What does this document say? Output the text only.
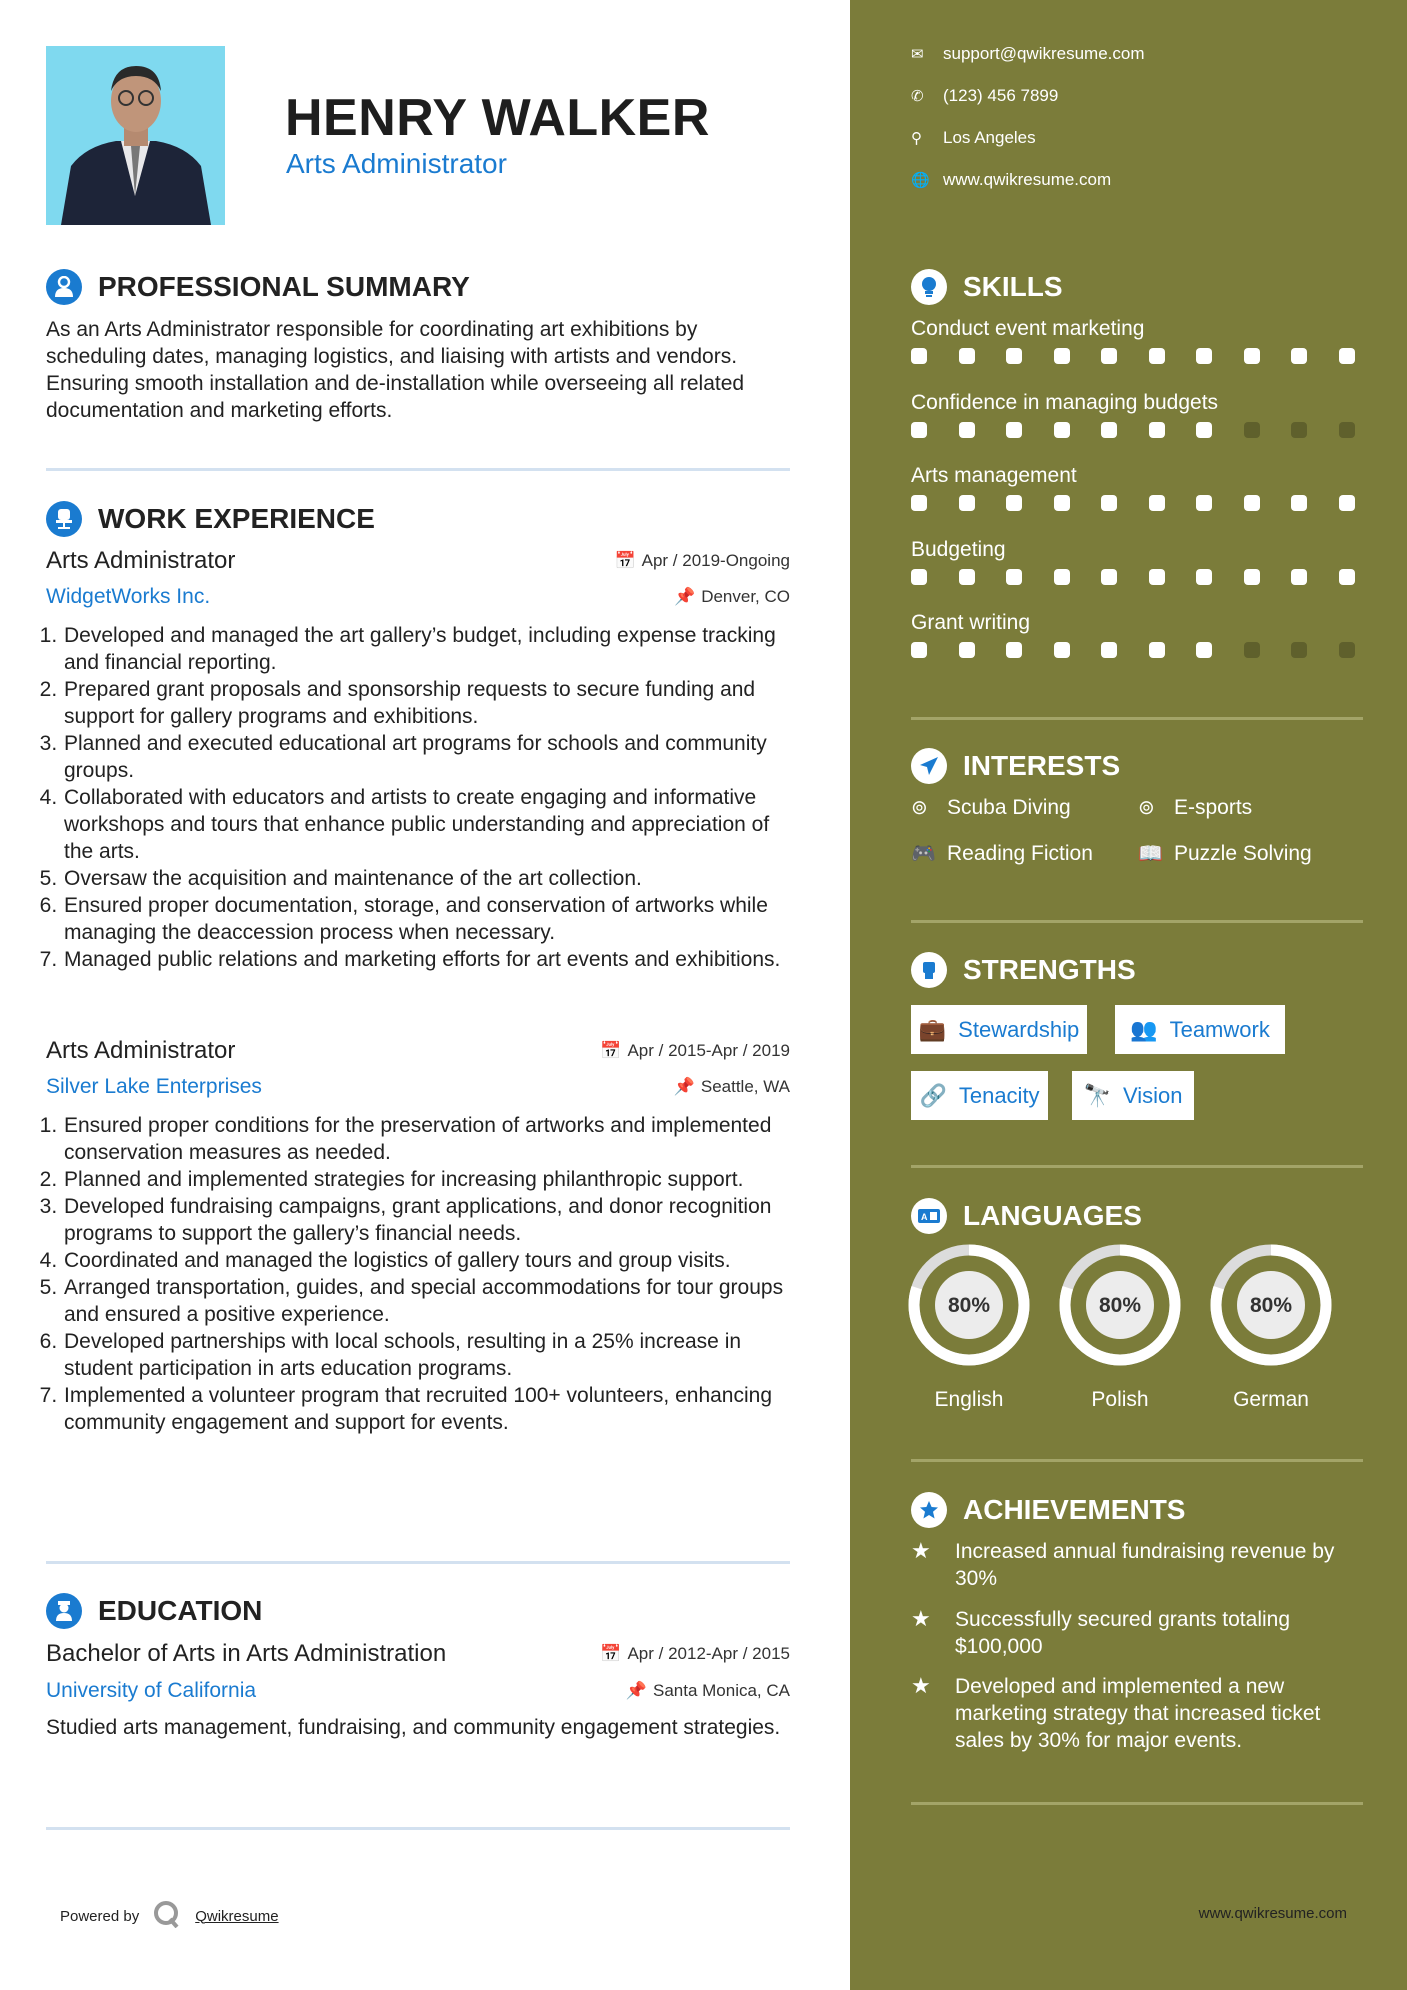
HENRY WALKER
Arts Administrator
PROFESSIONAL SUMMARY
As an Arts Administrator responsible for coordinating art exhibitions by scheduling dates, managing logistics, and liaising with artists and vendors. Ensuring smooth installation and de-installation while overseeing all related documentation and marketing efforts.
WORK EXPERIENCE
Arts Administrator	📅 Apr / 2019-Ongoing
WidgetWorks Inc.	📌 Denver, CO
1. Developed and managed the art gallery’s budget, including expense tracking and financial reporting.
2. Prepared grant proposals and sponsorship requests to secure funding and support for gallery programs and exhibitions.
3. Planned and executed educational art programs for schools and community groups.
4. Collaborated with educators and artists to create engaging and informative workshops and tours that enhance public understanding and appreciation of the arts.
5. Oversaw the acquisition and maintenance of the art collection.
6. Ensured proper documentation, storage, and conservation of artworks while managing the deaccession process when necessary.
7. Managed public relations and marketing efforts for art events and exhibitions.
Arts Administrator	📅 Apr / 2015-Apr / 2019
Silver Lake Enterprises	📌 Seattle, WA
1. Ensured proper conditions for the preservation of artworks and implemented conservation measures as needed.
2. Planned and implemented strategies for increasing philanthropic support.
3. Developed fundraising campaigns, grant applications, and donor recognition programs to support the gallery’s financial needs.
4. Coordinated and managed the logistics of gallery tours and group visits.
5. Arranged transportation, guides, and special accommodations for tour groups and ensured a positive experience.
6. Developed partnerships with local schools, resulting in a 25% increase in student participation in arts education programs.
7. Implemented a volunteer program that recruited 100+ volunteers, enhancing community engagement and support for events.
EDUCATION
Bachelor of Arts in Arts Administration	📅 Apr / 2012-Apr / 2015
University of California	📌 Santa Monica, CA
Studied arts management, fundraising, and community engagement strategies.
Powered by	Qwikresume
✉	support@qwikresume.com
✆	(123) 456 7899
⚲	Los Angeles
🌐 www.qwikresume.com
SKILLS
Conduct event marketing
Confidence in managing budgets
Arts management
Budgeting
Grant writing
INTERESTS
⊚ Scuba Diving	⊚ E-sports
🎮 Reading Fiction 📖 Puzzle Solving
STRENGTHS
💼 Stewardship 👥 Teamwork
🔗 Tenacity 🔭 Vision
A LANGUAGES
80%
English
80%
Polish
80%
German
ACHIEVEMENTS
★	Increased annual fundraising revenue by 30%
★	Successfully secured grants totaling $100,000
★	Developed and implemented a new marketing strategy that increased ticket sales by 30% for major events.
www.qwikresume.com
